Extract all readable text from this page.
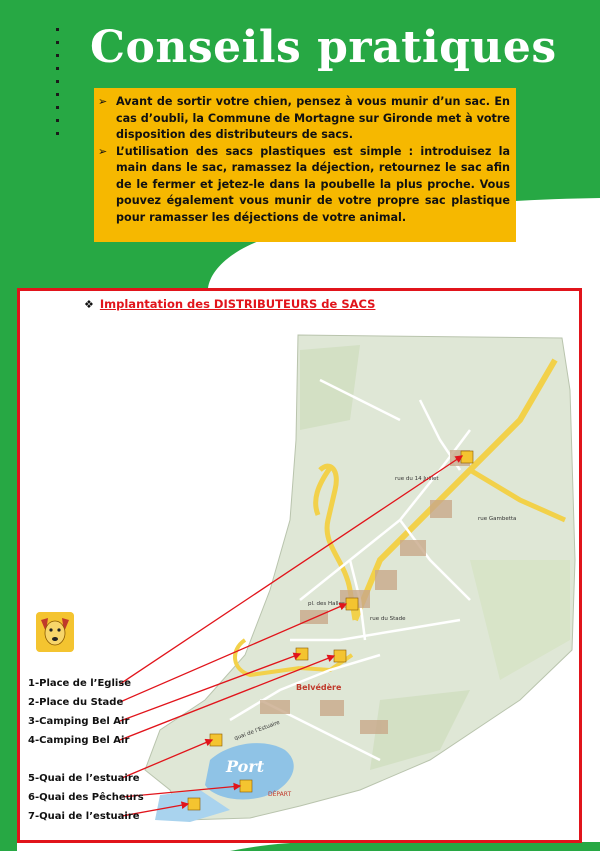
Conseils pratiques
➢ Avant de sortir votre chien, pensez à vous munir d’un sac. En cas d’oubli, la Commune de Mortagne sur Gironde met à votre disposition des distributeurs de sacs.
➢ L’utilisation des sacs plastiques est simple : introduisez la main dans le sac, ramassez la déjection, retournez le sac afin de le fermer et jetez-le dans la poubelle la plus proche. Vous pouvez également vous munir de votre propre sac plastique pour ramasser les déjections de votre animal.
❖ Implantation des DISTRIBUTEURS de SACS
Belvédère
Port
DÉPART
pl. des Halles
rue du Stade
rue Gambetta
rue du 14 Juillet
quai de l’Estuaire
1-Place de l’Eglise
2-Place du Stade
3-Camping Bel Air
4-Camping Bel Air
5-Quai de l’estuaire
6-Quai des Pêcheurs
7-Quai de l’estuaire
